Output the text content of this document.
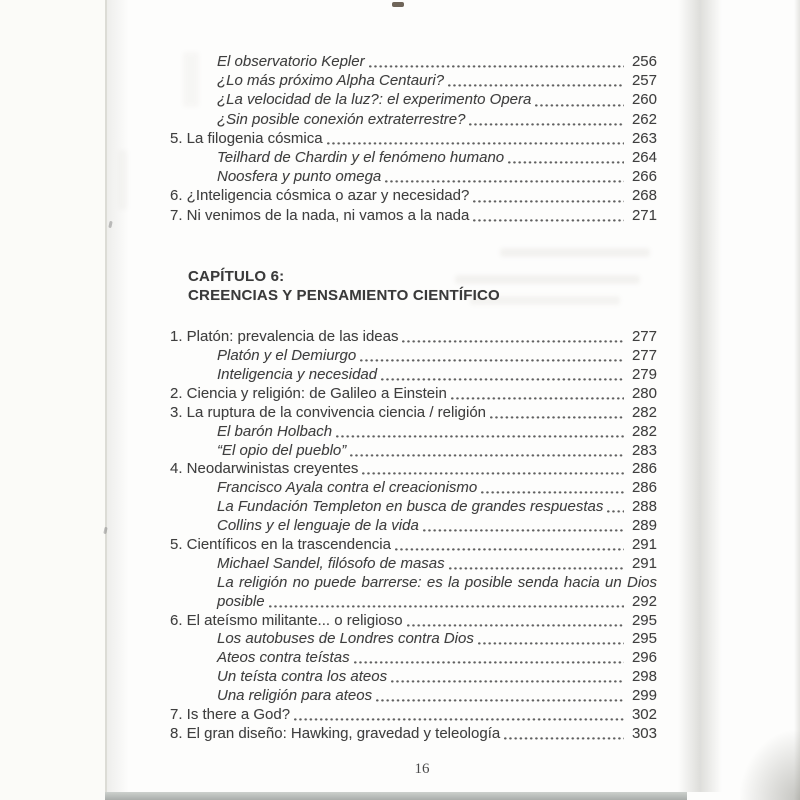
El observatorio Kepler	256
¿Lo más próximo Alpha Centauri?	257
¿La velocidad de la luz?: el experimento Opera	260
¿Sin posible conexión extraterrestre?	262
5. La filogenia cósmica	263
Teilhard de Chardin y el fenómeno humano	264
Noosfera y punto omega	266
6. ¿Inteligencia cósmica o azar y necesidad?	268
7. Ni venimos de la nada, ni vamos a la nada	271
CAPÍTULO 6:
CREENCIAS Y PENSAMIENTO CIENTÍFICO
1. Platón: prevalencia de las ideas	277
Platón y el Demiurgo	277
Inteligencia y necesidad	279
2. Ciencia y religión: de Galileo a Einstein	280
3. La ruptura de la convivencia ciencia / religión	282
El barón Holbach	282
“El opio del pueblo”	283
4. Neodarwinistas creyentes	286
Francisco Ayala contra el creacionismo	286
La Fundación Templeton en busca de grandes respuestas 288
Collins y el lenguaje de la vida	289
5. Científicos en la trascendencia	291
Michael Sandel, filósofo de masas	291
La religión no puede barrerse: es la posible senda hacia un Dios
posible	292
6. El ateísmo militante... o religioso	295
Los autobuses de Londres contra Dios	295
Ateos contra teístas	296
Un teísta contra los ateos	298
Una religión para ateos	299
7. Is there a God?	302
8. El gran diseño: Hawking, gravedad y teleología	303
16
